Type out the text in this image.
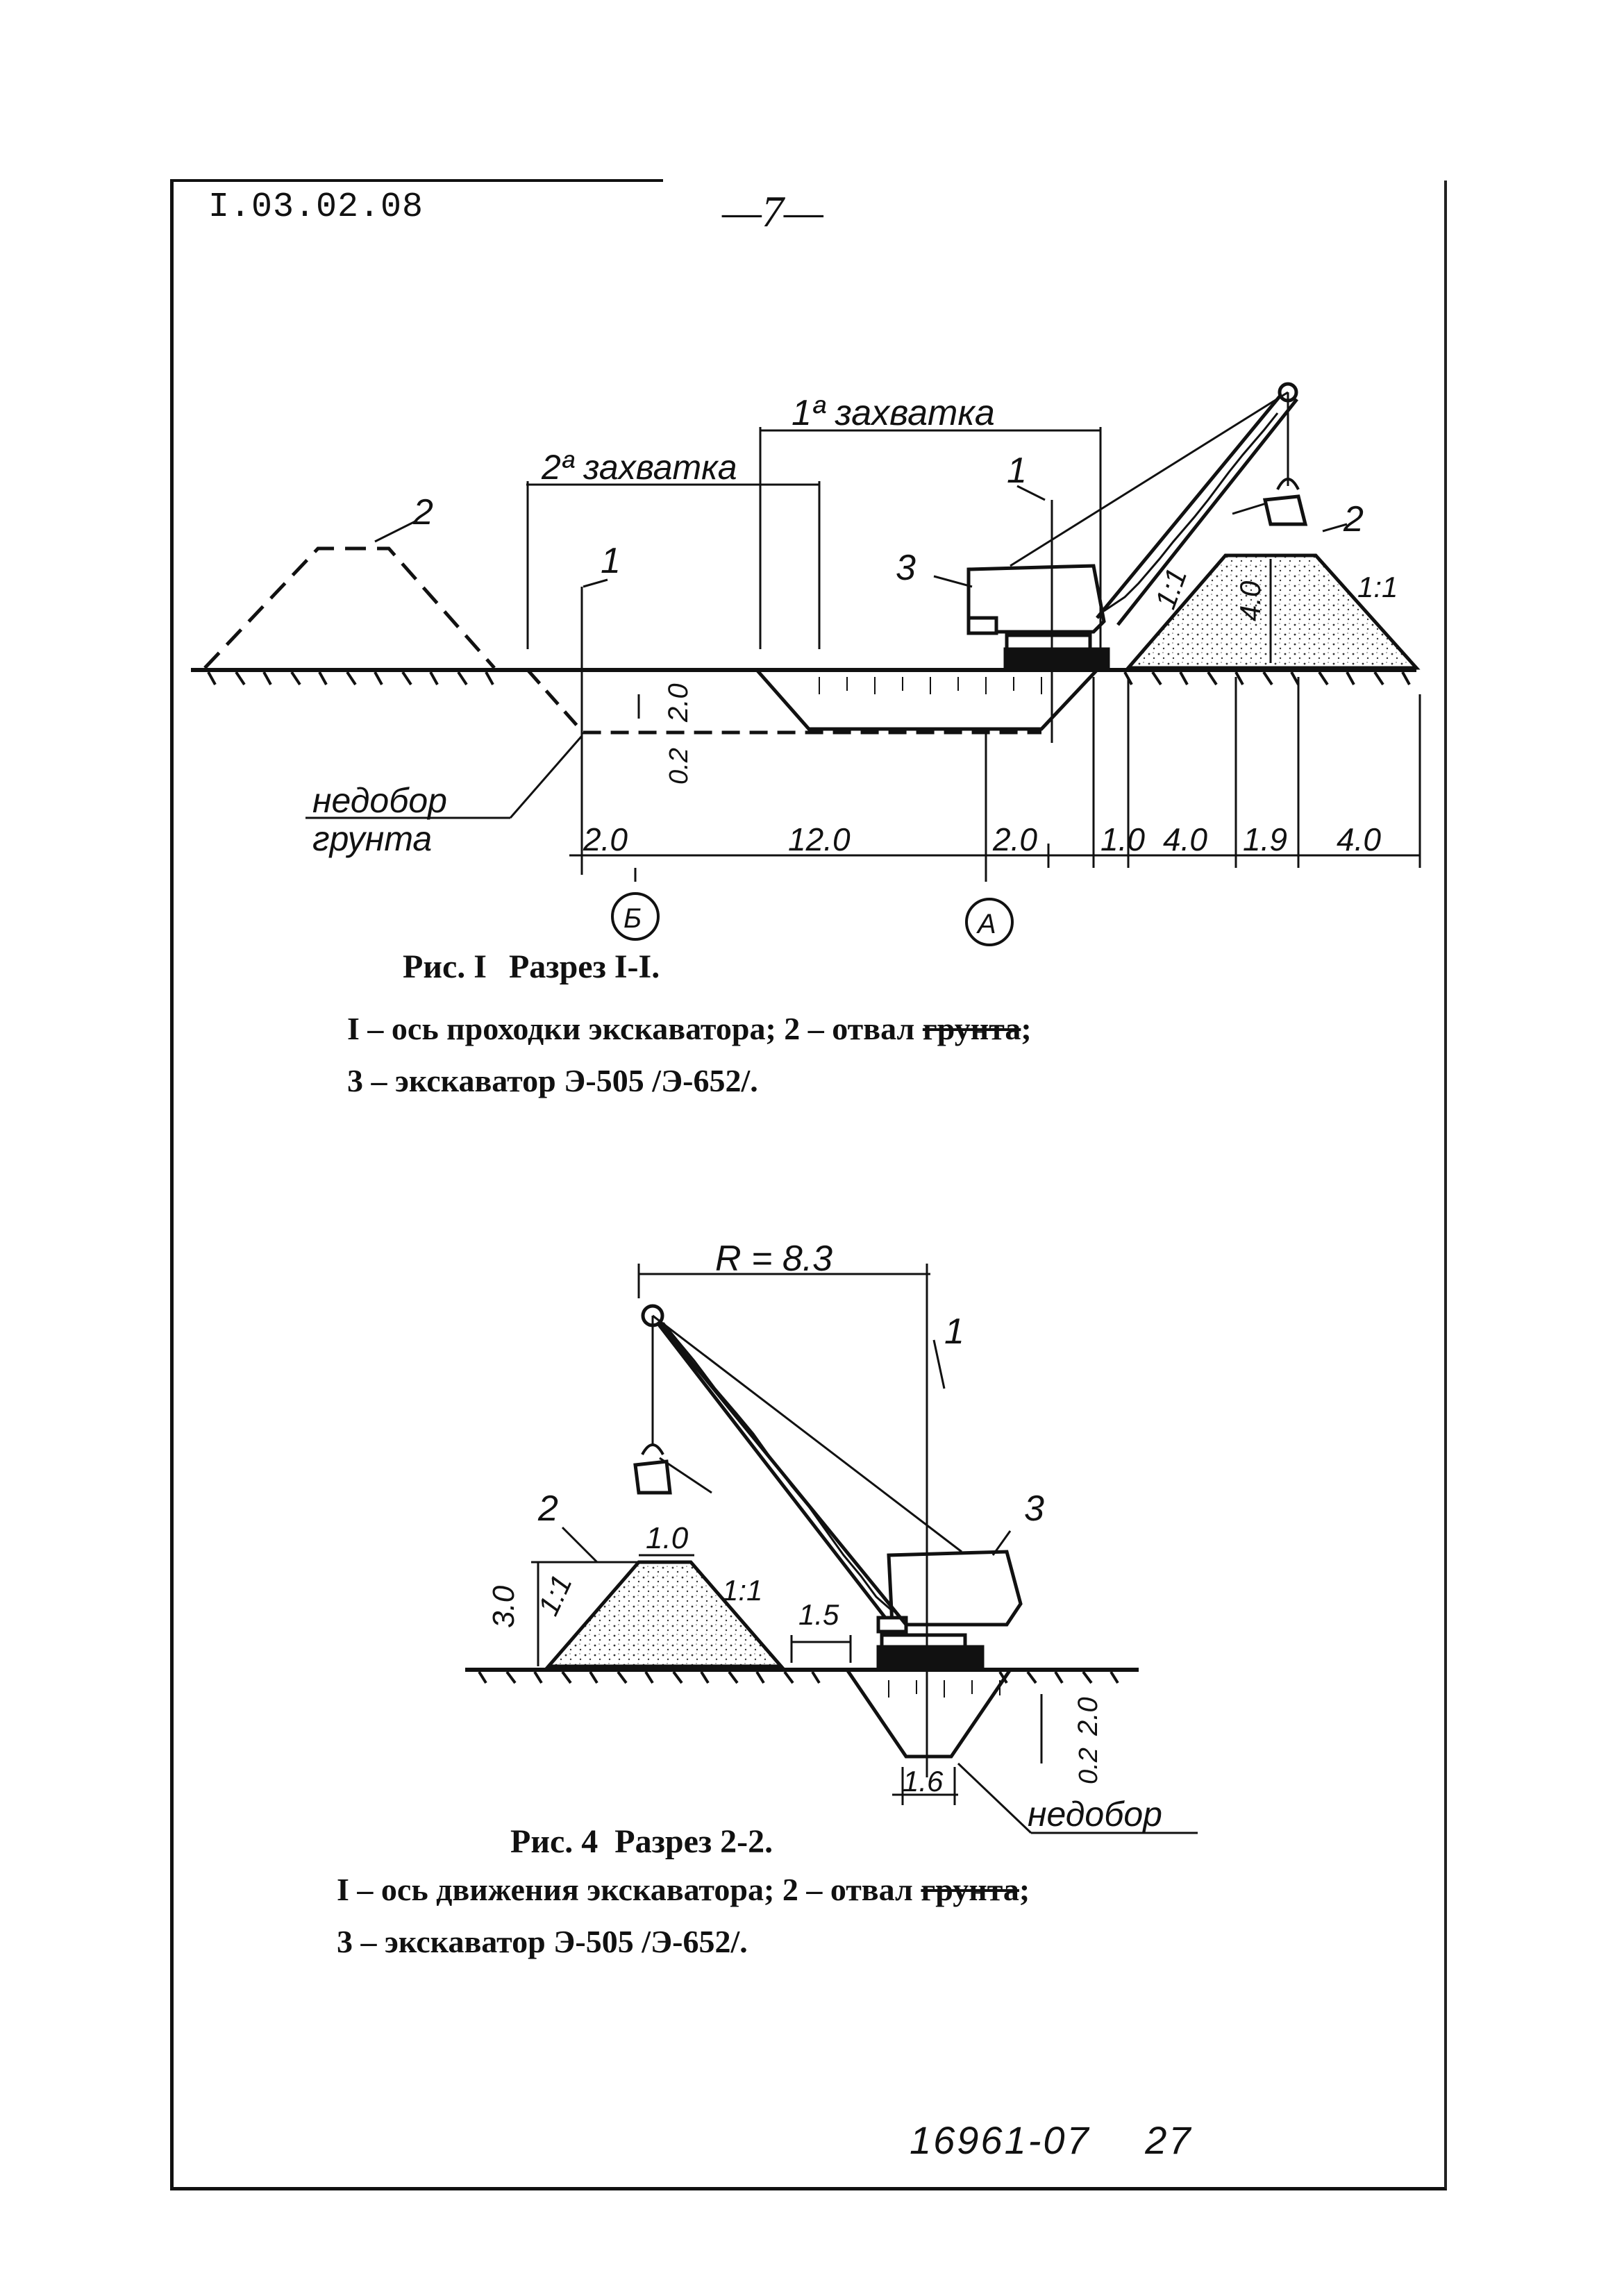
I.03.02.08	—7—
1ª захватка
2ª захватка
2	2
1
1	3	1:1	1:1
4.0
2.0
0.2
недобор
грунта	2.0	12.0	2.0 1.0 4.0 1.9 4.0
Б	А
R = 8.3
1
2	3
1.0
3.0 1:1	1:1
1.5
2.0
0.2
1.6
недобор
Рис. I Разрез I-I.
I – ось проходки экскаватора; 2 – отвал грунта;
3 – экскаватор Э-505 /Э-652/.
Рис. 4 Разрез 2-2.
I – ось движения экскаватора; 2 – отвал грунта;
3 – экскаватор Э-505 /Э-652/.
16961-07 27
